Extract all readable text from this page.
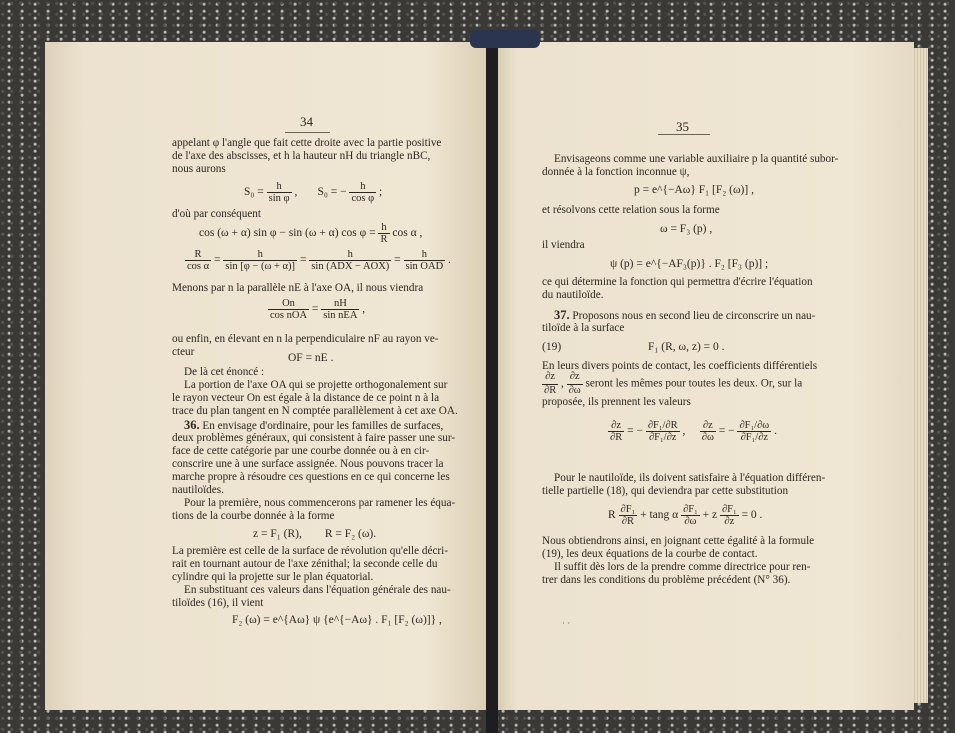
34
appelant φ l'angle que fait cette droite avec la partie positive
de l'axe des abscisses, et h la hauteur nH du triangle nBC,
nous aurons
$S_0 = \frac{h}{\text{sin φ}}$ , S₀ = − $\frac{h}{\text{cos φ}}$ ;
d'où par conséquent
cos (ω + α) sin φ − sin (ω + α) $\cos \varphi = \frac{h}{R}$ cos α ,
$\frac{R}{\text{cos α}} = \frac{h}{\sin [\varphi - (\omega + \alpha)]} = \frac{h}{\text{sin (ADX − AOX)}} = \frac{h}{\text{sin OAD}}$ .
Menons par n la parallèle nE à l'axe OA, il nous viendra
$\frac{On}{\text{cos nOA}} = \frac{nH}{\text{sin nEA}}$ ,
ou enfin, en élevant en n la perpendiculaire nF au rayon ve-
cteur	OF = nE .
De là cet énoncé :
La portion de l'axe OA qui se projette orthogonalement sur
le rayon vecteur On est égale à la distance de ce point n à la
trace du plan tangent en N comptée parallèlement à cet axe OA.
36. En envisage d'ordinaire, pour les familles de surfaces,
deux problèmes généraux, qui consistent à faire passer une sur-
face de cette catégorie par une courbe donnée ou à en cir-
conscrire une à une surface assignée. Nous pouvons tracer la
marche propre à résoudre ces questions en ce qui concerne les
nautiloïdes.
Pour la première, nous commencerons par ramener les équa-
tions de la courbe donnée à la forme
z = F₁ (R),        R = F₂ (ω).
La première est celle de la surface de révolution qu'elle décri-
rait en tournant autour de l'axe zénithal; la seconde celle du
cylindre qui la projette sur le plan équatorial.
En substituant ces valeurs dans l'équation générale des nau-
tiloïdes (16), il vient
F₂ (ω) = e^{Aω} ψ {e^{−Aω} . F₁ [F₂ (ω)]} ,
35
Envisageons comme une variable auxiliaire p la quantité subor-
donnée à la fonction inconnue ψ,
p = e^{−Aω} F₁ [F₂ (ω)] ,
et résolvons cette relation sous la forme
ω = F₃ (p) ,
il viendra
ψ (p) = e^{−AF₃(p)} . F₂ [F₃ (p)] ;
ce qui détermine la fonction qui permettra d'écrire l'équation
du nautiloïde.
37. Proposons nous en second lieu de circonscrire un nau-
tiloïde à la surface
(19)	F₁ (R, ω, z) = 0 .
En leurs divers points de contact, les coefficients différentiels
$\frac{\partial z}{\partial R}$ , $\frac{\partial z}{\partial\omega}$ seront les mêmes pour toutes les deux. Or, sur la
proposée, ils prennent les valeurs
$\frac{\partial z}{\partial R}$ = − $\frac{\text{∂F₁/∂R}}{\text{∂F₁/∂z}}$ , $\frac{\partial z}{\partial\omega}$ = − $\frac{\text{∂F₁/∂ω}}{\text{∂F₁/∂z}}$ .
Pour le nautiloïde, ils doivent satisfaire à l'équation différen-
tielle partielle (18), qui deviendra par cette substitution
R $\frac{\text{∂F₁}}{\partial R} + \tan g$ α $\frac{\text{∂F₁}}{\partial\omega} + z \frac{\text{∂F₁}}{\partial z} = 0$ .
Nous obtiendrons ainsi, en joignant cette égalité à la formule
(19), les deux équations de la courbe de contact.
Il suffit dès lors de la prendre comme directrice pour ren-
trer dans les conditions du problème précédent (N° 36).
· ·
